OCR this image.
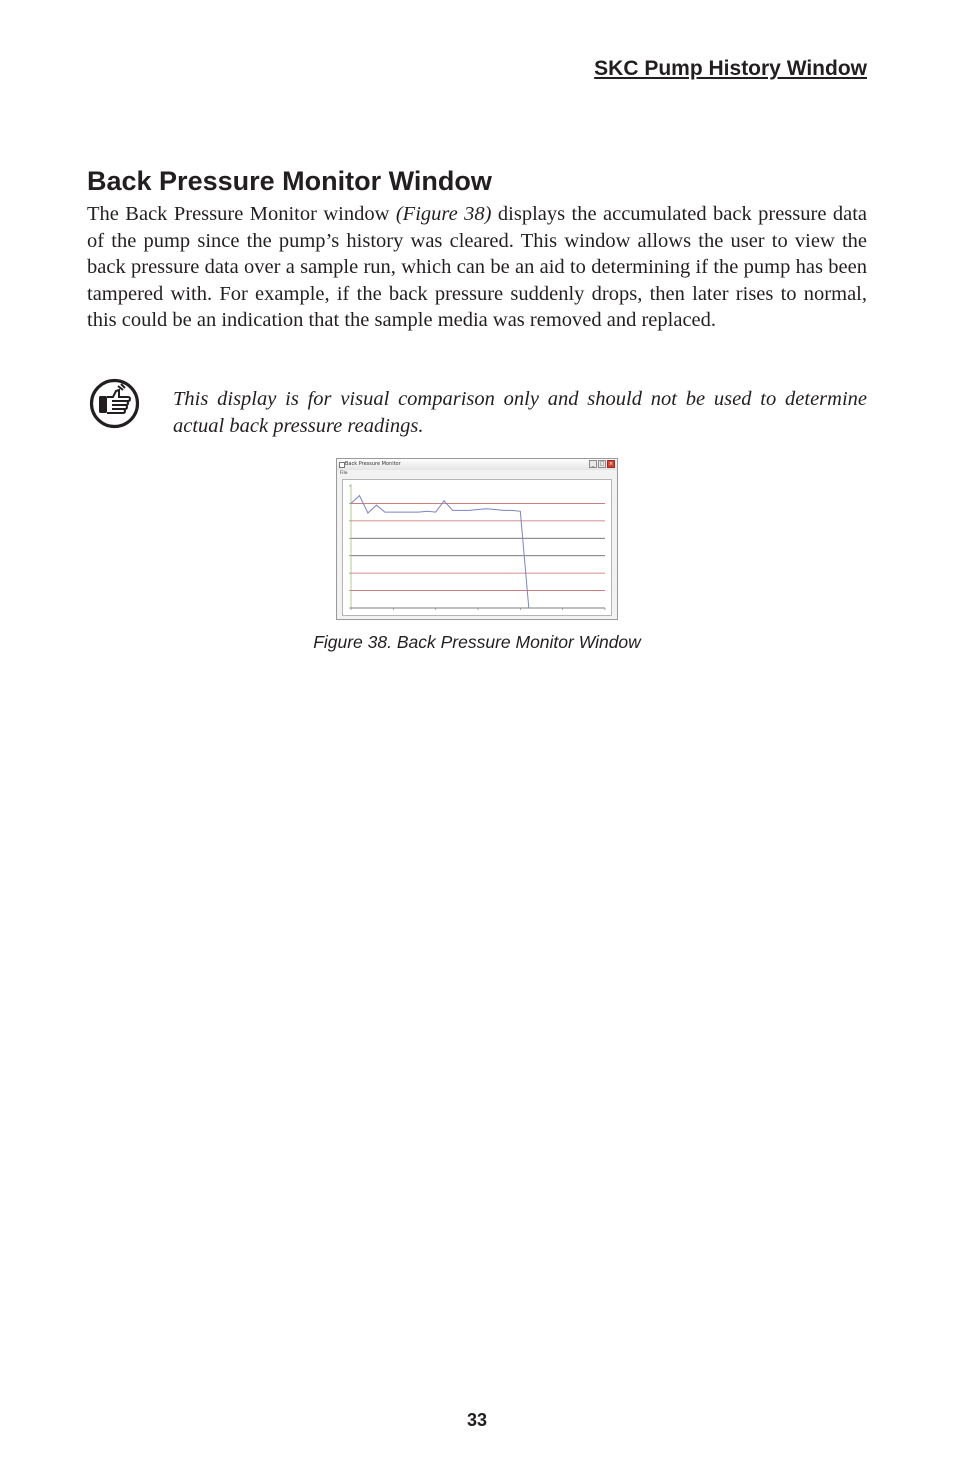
SKC Pump History Window
Back Pressure Monitor Window

The Back Pressure Monitor window (Figure 38) displays the accumulated back pressure data of the pump since the pump’s history was cleared. This window allows the user to view the back pressure data over a sample run, which can be an aid to determining if the pump has been tampered with. For example, if the back pressure suddenly drops, then later rises to normal, this could be an indication that the sample media was removed and replaced.

This display is for visual comparison only and should not be used to determine actual back pressure readings.

Back Pressure Monitor	_	□ ×
File

Figure 38. Back Pressure Monitor Window

33
